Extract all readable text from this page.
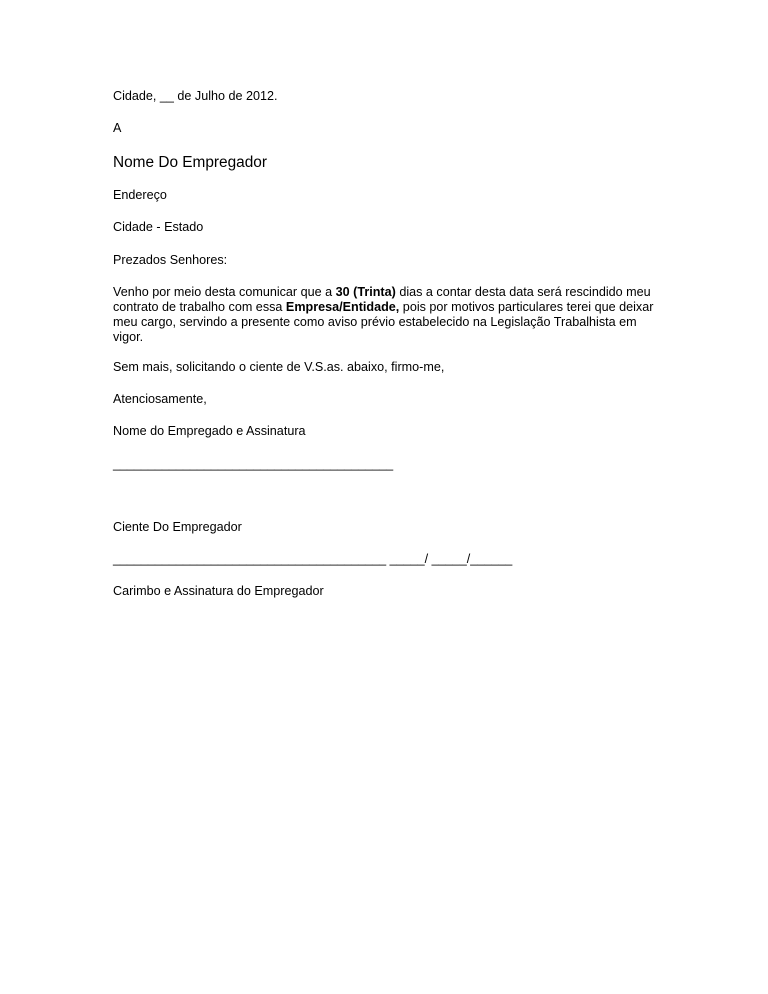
Cidade, __ de Julho de 2012.
A
Nome Do Empregador
Endereço
Cidade - Estado
Prezados Senhores:
Venho por meio desta comunicar que a 30 (Trinta) dias a contar desta data será rescindido meu
contrato de trabalho com essa Empresa/Entidade, pois por motivos particulares terei que deixar
meu cargo, servindo a presente como aviso prévio estabelecido na Legislação Trabalhista em
vigor.
Sem mais, solicitando o ciente de V.S.as. abaixo, firmo-me,
Atenciosamente,
Nome do Empregado e Assinatura
________________________________________
Ciente Do Empregador
_______________________________________ _____/ _____/______
Carimbo e Assinatura do Empregador
